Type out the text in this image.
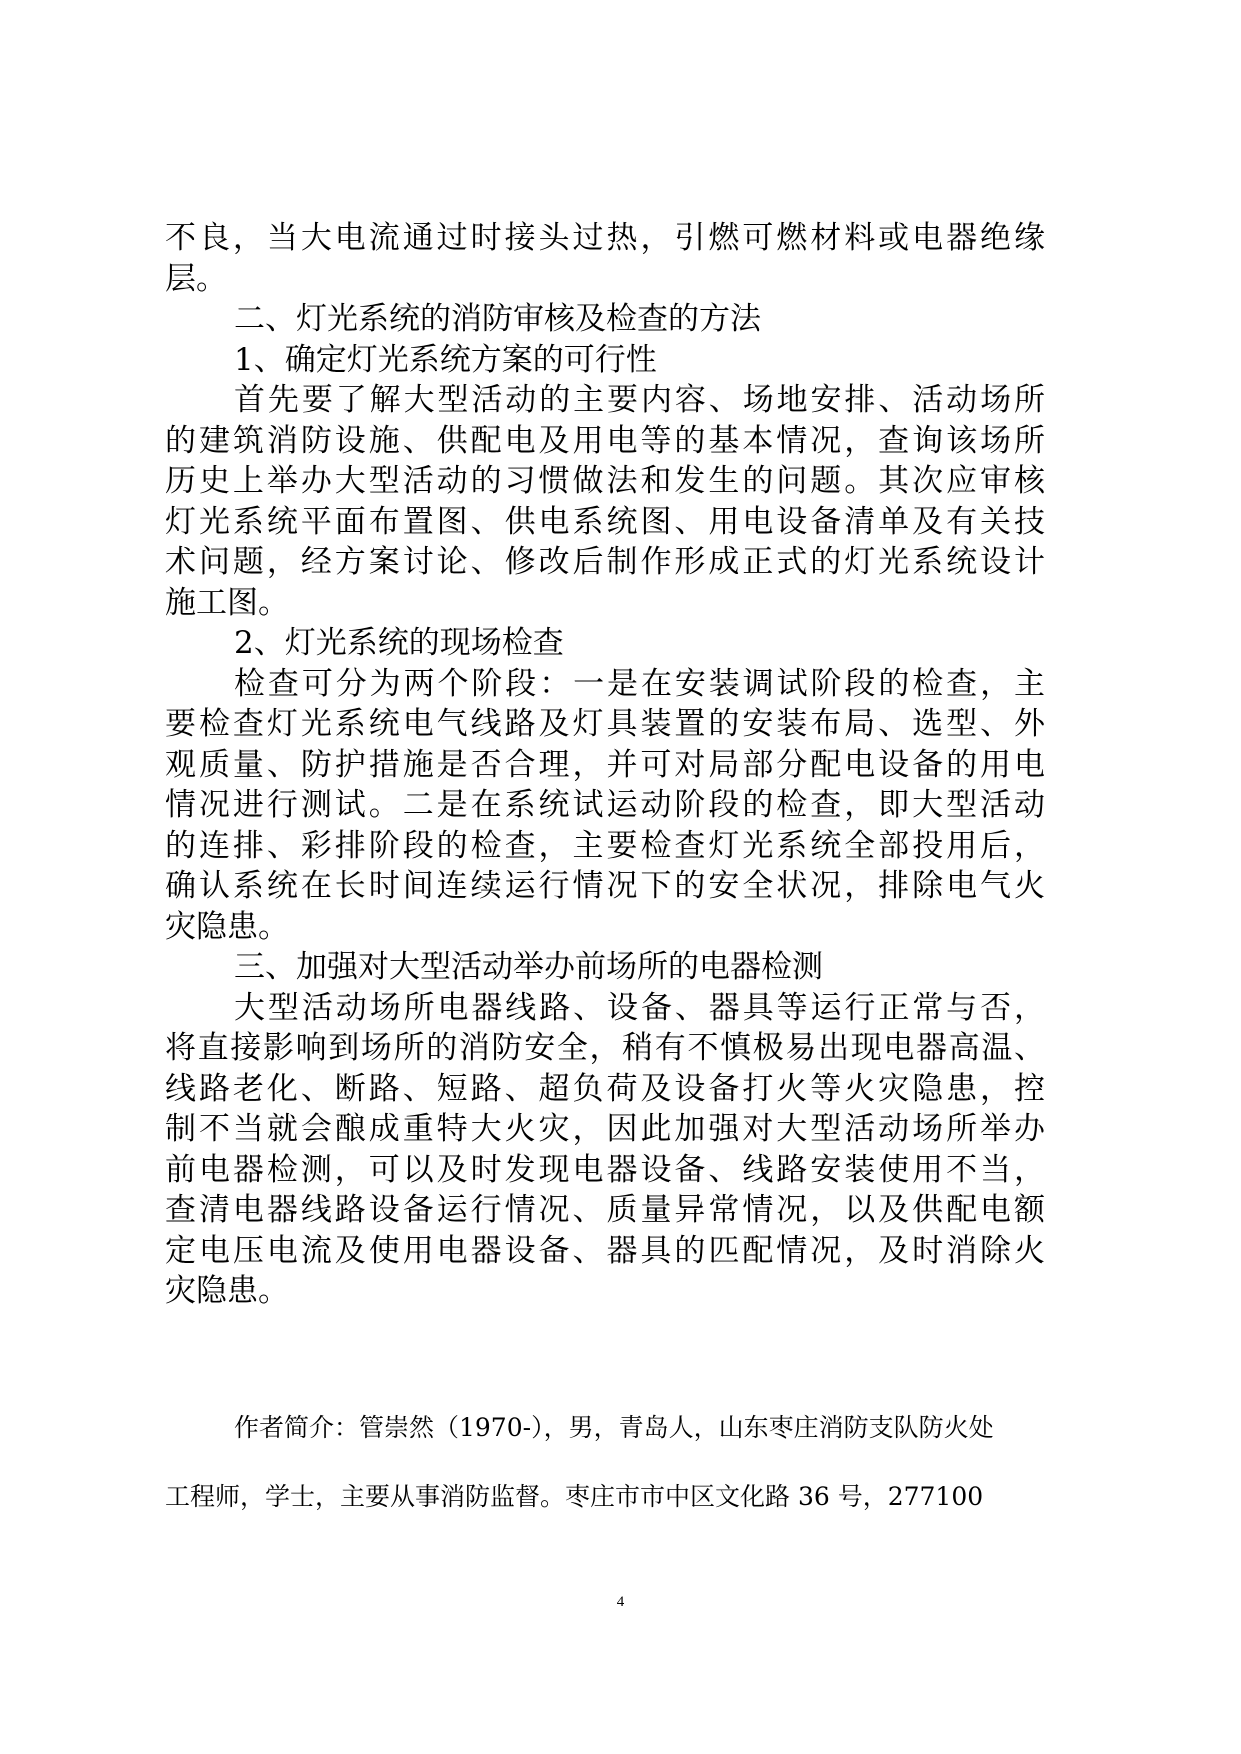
不良，当大电流通过时接头过热，引燃可燃材料或电器绝缘
层。
二、灯光系统的消防审核及检查的方法
1、确定灯光系统方案的可行性
首先要了解大型活动的主要内容、场地安排、活动场所
的建筑消防设施、供配电及用电等的基本情况，查询该场所
历史上举办大型活动的习惯做法和发生的问题。其次应审核
灯光系统平面布置图、供电系统图、用电设备清单及有关技
术问题，经方案讨论、修改后制作形成正式的灯光系统设计
施工图。
2、灯光系统的现场检查
检查可分为两个阶段：一是在安装调试阶段的检查，主
要检查灯光系统电气线路及灯具装置的安装布局、选型、外
观质量、防护措施是否合理，并可对局部分配电设备的用电
情况进行测试。二是在系统试运动阶段的检查，即大型活动
的连排、彩排阶段的检查，主要检查灯光系统全部投用后，
确认系统在长时间连续运行情况下的安全状况，排除电气火
灾隐患。
三、加强对大型活动举办前场所的电器检测
大型活动场所电器线路、设备、器具等运行正常与否，
将直接影响到场所的消防安全，稍有不慎极易出现电器高温、
线路老化、断路、短路、超负荷及设备打火等火灾隐患，控
制不当就会酿成重特大火灾，因此加强对大型活动场所举办
前电器检测，可以及时发现电器设备、线路安装使用不当，
查清电器线路设备运行情况、质量异常情况，以及供配电额
定电压电流及使用电器设备、器具的匹配情况，及时消除火
灾隐患。
作者简介：管崇然（1970-），男，青岛人，山东枣庄消防支队防火处
工程师，学士，主要从事消防监督。枣庄市市中区文化路 36 号，277100
4
